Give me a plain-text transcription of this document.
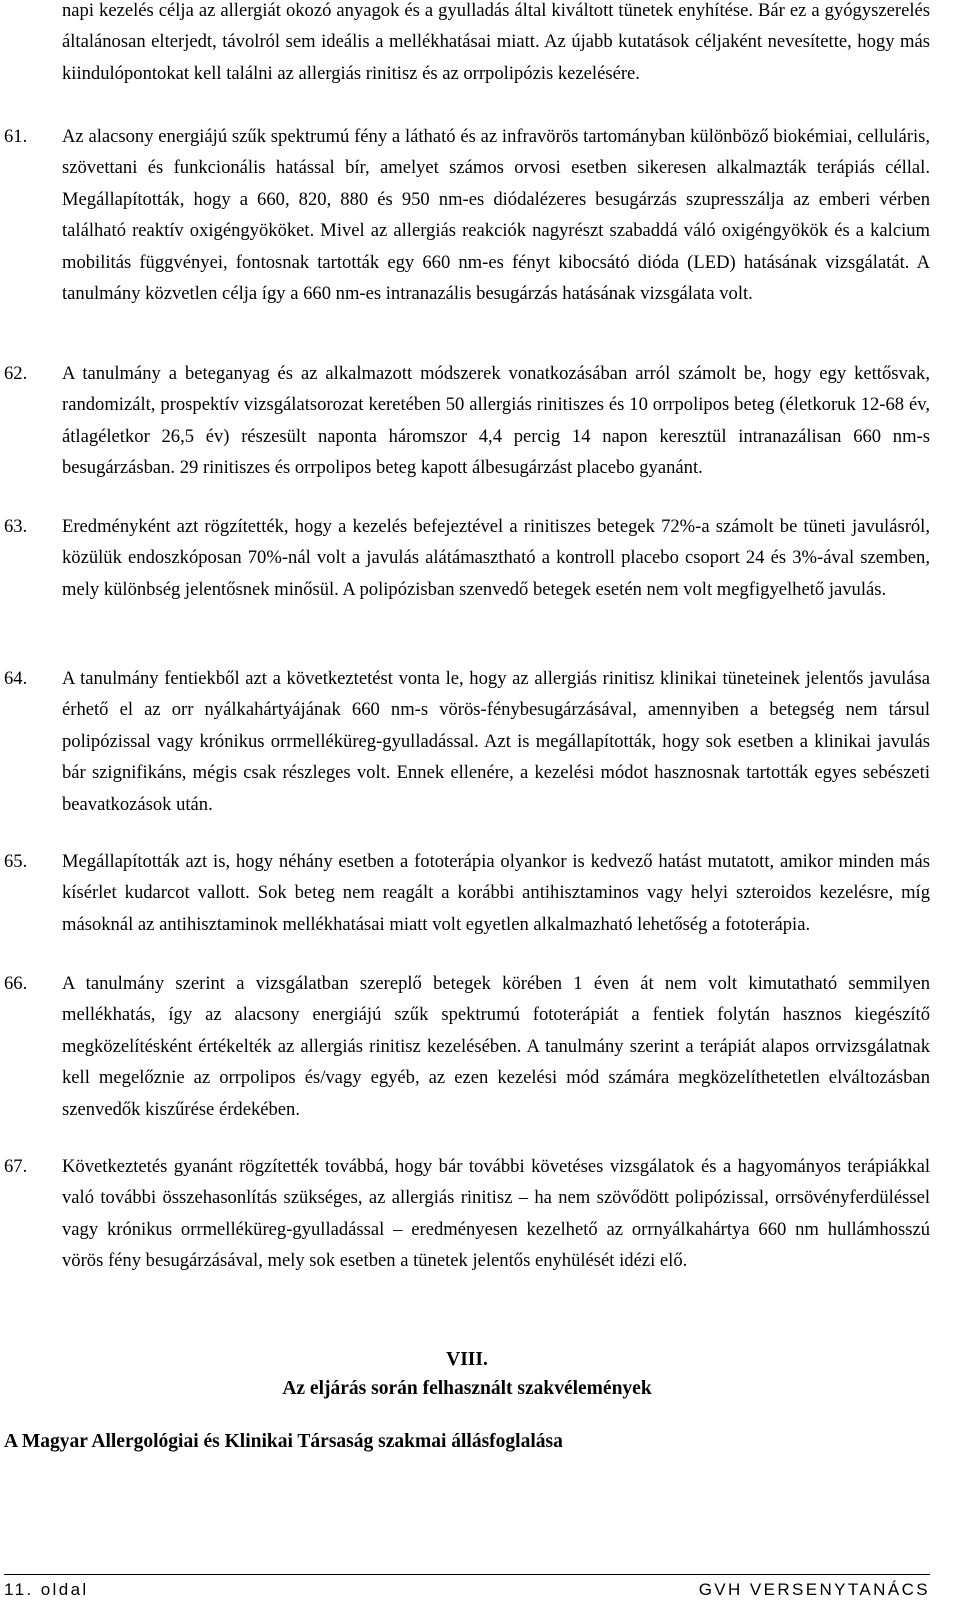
napi kezelés célja az allergiát okozó anyagok és a gyulladás által kiváltott tünetek enyhítése. Bár ez a gyógyszerelés általánosan elterjedt, távolról sem ideális a mellékhatásai miatt. Az újabb kutatások céljaként nevesítette, hogy más kiindulópontokat kell találni az allergiás rinitisz és az orrpolipózis kezelésére.

61. Az alacsony energiájú szűk spektrumú fény a látható és az infravörös tartományban különböző biokémiai, celluláris, szövettani és funkcionális hatással bír, amelyet számos orvosi esetben sikeresen alkalmazták terápiás céllal. Megállapították, hogy a 660, 820, 880 és 950 nm-es diódalézeres besugárzás szupresszálja az emberi vérben található reaktív oxigéngyököket. Mivel az allergiás reakciók nagyrészt szabaddá váló oxigéngyökök és a kalcium mobilitás függvényei, fontosnak tartották egy 660 nm-es fényt kibocsátó dióda (LED) hatásának vizsgálatát. A tanulmány közvetlen célja így a 660 nm-es intranazális besugárzás hatásának vizsgálata volt.

62. A tanulmány a beteganyag és az alkalmazott módszerek vonatkozásában arról számolt be, hogy egy kettősvak, randomizált, prospektív vizsgálatsorozat keretében 50 allergiás rinitiszes és 10 orrpolipos beteg (életkoruk 12-68 év, átlagéletkor 26,5 év) részesült naponta háromszor 4,4 percig 14 napon keresztül intranazálisan 660 nm-s besugárzásban. 29 rinitiszes és orrpolipos beteg kapott álbesugárzást placebo gyanánt.

63. Eredményként azt rögzítették, hogy a kezelés befejeztével a rinitiszes betegek 72%-a számolt be tüneti javulásról, közülük endoszkóposan 70%-nál volt a javulás alátámasztható a kontroll placebo csoport 24 és 3%-ával szemben, mely különbség jelentősnek minősül. A polipózisban szenvedő betegek esetén nem volt megfigyelhető javulás.

64. A tanulmány fentiekből azt a következtetést vonta le, hogy az allergiás rinitisz klinikai tüneteinek jelentős javulása érhető el az orr nyálkahártyájának 660 nm-s vörös-fénybesugárzásával, amennyiben a betegség nem társul polipózissal vagy krónikus orrmelléküreg-gyulladással. Azt is megállapították, hogy sok esetben a klinikai javulás bár szignifikáns, mégis csak részleges volt. Ennek ellenére, a kezelési módot hasznosnak tartották egyes sebészeti beavatkozások után.

65. Megállapították azt is, hogy néhány esetben a fototerápia olyankor is kedvező hatást mutatott, amikor minden más kísérlet kudarcot vallott. Sok beteg nem reagált a korábbi antihisztaminos vagy helyi szteroidos kezelésre, míg másoknál az antihisztaminok mellékhatásai miatt volt egyetlen alkalmazható lehetőség a fototerápia.

66. A tanulmány szerint a vizsgálatban szereplő betegek körében 1 éven át nem volt kimutatható semmilyen mellékhatás, így az alacsony energiájú szűk spektrumú fototerápiát a fentiek folytán hasznos kiegészítő megközelítésként értékelték az allergiás rinitisz kezelésében. A tanulmány szerint a terápiát alapos orrvizsgálatnak kell megelőznie az orrpolipos és/vagy egyéb, az ezen kezelési mód számára megközelíthetetlen elváltozásban szenvedők kiszűrése érdekében.

67. Következtetés gyanánt rögzítették továbbá, hogy bár további követéses vizsgálatok és a hagyományos terápiákkal való további összehasonlítás szükséges, az allergiás rinitisz – ha nem szövődött polipózissal, orrsövényferdüléssel vagy krónikus orrmelléküreg-gyulladással – eredményesen kezelhető az orrnyálkahártya 660 nm hullámhosszú vörös fény besugárzásával, mely sok esetben a tünetek jelentős enyhülését idézi elő.

VIII.
Az eljárás során felhasznált szakvélemények
A Magyar Allergológiai és Klinikai Társaság szakmai állásfoglalása
11. oldal	GVH VERSENYTANÁCS
